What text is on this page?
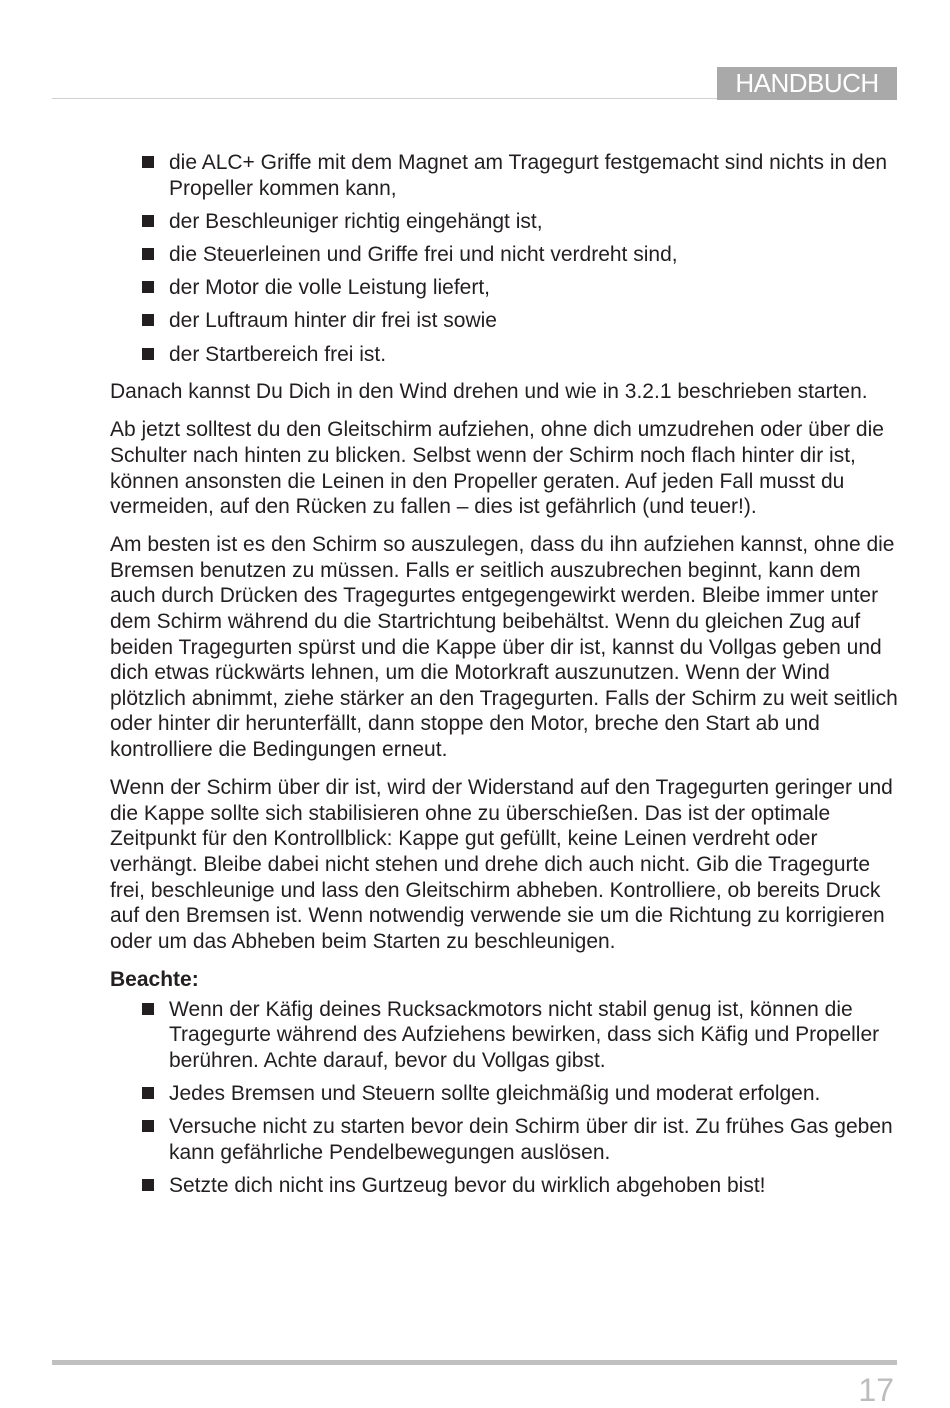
HANDBUCH
die ALC+ Griffe mit dem Magnet am Tragegurt festgemacht sind nichts in den Propeller kommen kann,
der Beschleuniger richtig eingehängt ist,
die Steuerleinen und Griffe frei und nicht verdreht sind,
der Motor die volle Leistung liefert,
der Luftraum hinter dir frei ist sowie
der Startbereich frei ist.

Danach kannst Du Dich in den Wind drehen und wie in 3.2.1 beschrieben starten.

Ab jetzt solltest du den Gleitschirm aufziehen, ohne dich umzudrehen oder über die Schulter nach hinten zu blicken. Selbst wenn der Schirm noch flach hinter dir ist, können ansonsten die Leinen in den Propeller geraten. Auf jeden Fall musst du vermeiden, auf den Rücken zu fallen – dies ist gefährlich (und teuer!).

Am besten ist es den Schirm so auszulegen, dass du ihn aufziehen kannst, ohne die Bremsen benutzen zu müssen. Falls er seitlich auszubrechen beginnt, kann dem auch durch Drücken des Tragegurtes entgegengewirkt werden. Bleibe immer unter dem Schirm während du die Startrichtung beibehältst. Wenn du gleichen Zug auf beiden Tragegurten spürst und die Kappe über dir ist, kannst du Vollgas geben und dich etwas rückwärts lehnen, um die Motorkraft auszunutzen. Wenn der Wind plötzlich abnimmt, ziehe stärker an den Tragegurten. Falls der Schirm zu weit seitlich oder hinter dir herunterfällt, dann stoppe den Motor, breche den Start ab und kontrolliere die Bedingungen erneut.

Wenn der Schirm über dir ist, wird der Widerstand auf den Tragegurten geringer und die Kappe sollte sich stabilisieren ohne zu überschießen. Das ist der optimale Zeitpunkt für den Kontrollblick: Kappe gut gefüllt, keine Leinen verdreht oder verhängt. Bleibe dabei nicht stehen und drehe dich auch nicht. Gib die Tragegurte frei, beschleunige und lass den Gleitschirm abheben. Kontrolliere, ob bereits Druck auf den Bremsen ist. Wenn notwendig verwende sie um die Richtung zu korrigieren oder um das Abheben beim Starten zu beschleunigen.

Beachte:
Wenn der Käfig deines Rucksackmotors nicht stabil genug ist, können die Tragegurte während des Aufziehens bewirken, dass sich Käfig und Propeller berühren. Achte darauf, bevor du Vollgas gibst.
Jedes Bremsen und Steuern sollte gleichmäßig und moderat erfolgen.
Versuche nicht zu starten bevor dein Schirm über dir ist. Zu frühes Gas geben kann gefährliche Pendelbewegungen auslösen.
Setzte dich nicht ins Gurtzeug bevor du wirklich abgehoben bist!
17
